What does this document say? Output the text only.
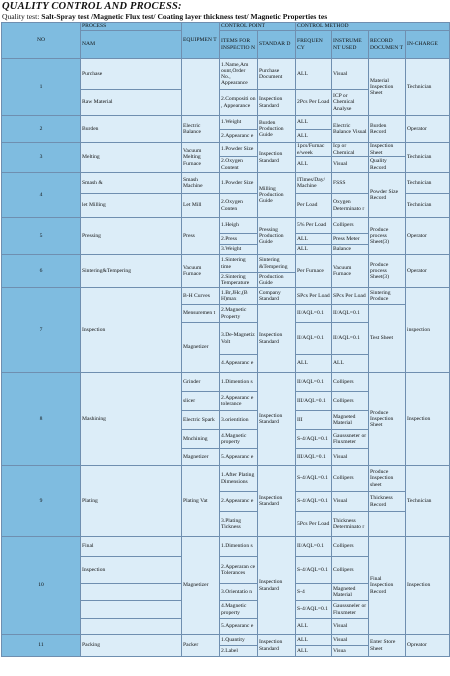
QUALITY CONTROL AND PROCESS:
Quality test: Salt-Spray test /Magnetic Flux test/ Coating layer thickness test/ Magnetic Properties tes
NO	PROCESS	EQUIPMEN T	CONTROL POINT		CONTROL METHOD			
	NAM		ITEMS FOR INSPECTIO N	STANDAR D	FREQUEN CY	INSTRUME NT USED	RECORD DOCUMEN T	IN-CHARGE
1	Purchase		1.Name,Am ount,Order No., Appearance	Purchase Document	ALL	Visual	Material Inspection Sheet	Technician
	Raw Material		2.Compositi on , Appearance	Inspection Standard	2Pcs Per Load	ICP or Chemical Analyse		
2	Burden	Electric Balance	1.Weight	Burden Production Guide	ALL	Electric Balance Visual	Burden Record	Operator
			2.Appearanc e		ALL			
3	Melting	Vacuum Melting Furnace	1.Powder Size	Inspection Standard	1pcs/Furnac e/week	Icp or Chemical	Inspection Sheet	Technician
			2.Oxygen Content		ALL	Visual	Quality Record	
4	Smash &	Smash Machine	1.Powder Size	Milling Production Guide	ITimes/Day/ Machine	FSSS	Powder Size Record	Technician
	let Milling	Let Mill	2.Oxygen Conten		Per Load	Oxygen Determinato r		Technician
5	Pressing	Press	1.Heigh	Pressing Production Guide	5% Per Load	Collipers	Produce process Sheet(3)	Operator
			2.Press		ALL	Press Meter		
			3.Weight		ALL	Balance		
6	Sintering&Tempering	Vacuum Furnace	1.Sintering time	Sintering &Tempering	Per Furnace	Vacuum Furnace	Produce process Sheet(3)	Operator
			2.Sintering Temperature	Production Guide				
7	Inspection	B-H Curves	1.Br,JHc,(B H)max	Company Standard	SPcs Per Load	SPcs Per Load	Sintering Produce	inspection
		Mensuremen t	2.Magnetic Property	Inspection Standard	II/AQL=0.1	II/AQL=0.1	Test Sheet	
		Magnetizer	3.De-Magnetiz Volt		II/AQL=0.1	II/AQL=0.1		
			4.Appearanc e		ALL	ALL		
8	Mashining	Grinder	1.Dimention s	Inspection Standard	II/AQL=0.1	Collipers	Produce Inspection Sheet	Inspection
		slicer	2.Appearanc e tolerance		III/AQL=0.1	Collipers		
		Electric Spark	3.orientition		III	Magneted Material		
		Mnchining	4.Magnetic property		S-4/AQL=0.1	Gausssneter or Fluxmeter		
		Magnetizer	5.Appearanc e		III/AQL=0.1	Visual		
9	Plating	Plating Vat	1.After Plating Dimensions	Inspection Standard	S-4/AQL=0.1	Collipers	Produce Inspection sheet	Technician
			2.Appearanc e		S-4/AQL=0.1	Visual	Thickness Record	
			3.Plating Tickness		5Pcs Per Load	Thickness Determinato r		
10	Final	Magnetizer	1.Dimention s	Inspection Standard	II/AQL=0.1	Collipers	Final Inspection Record	Inspection
	Inspection		2.Apperaran ce Tolerances		S-4/AQL=0.1	Collipers		
			3.Orientatio n		S-4	Magneted Material		
			4.Magnetic property		S-4/AQL=0.1	Gausssneler or Fluxmeter		
			5.Appearanc e		ALL	Visual		
11	Packing	Packer	1.Quantity	Inspection Standard	ALL	Visual	Enter Store Sheet	Opreator
			2.Label		ALL	Visua		
